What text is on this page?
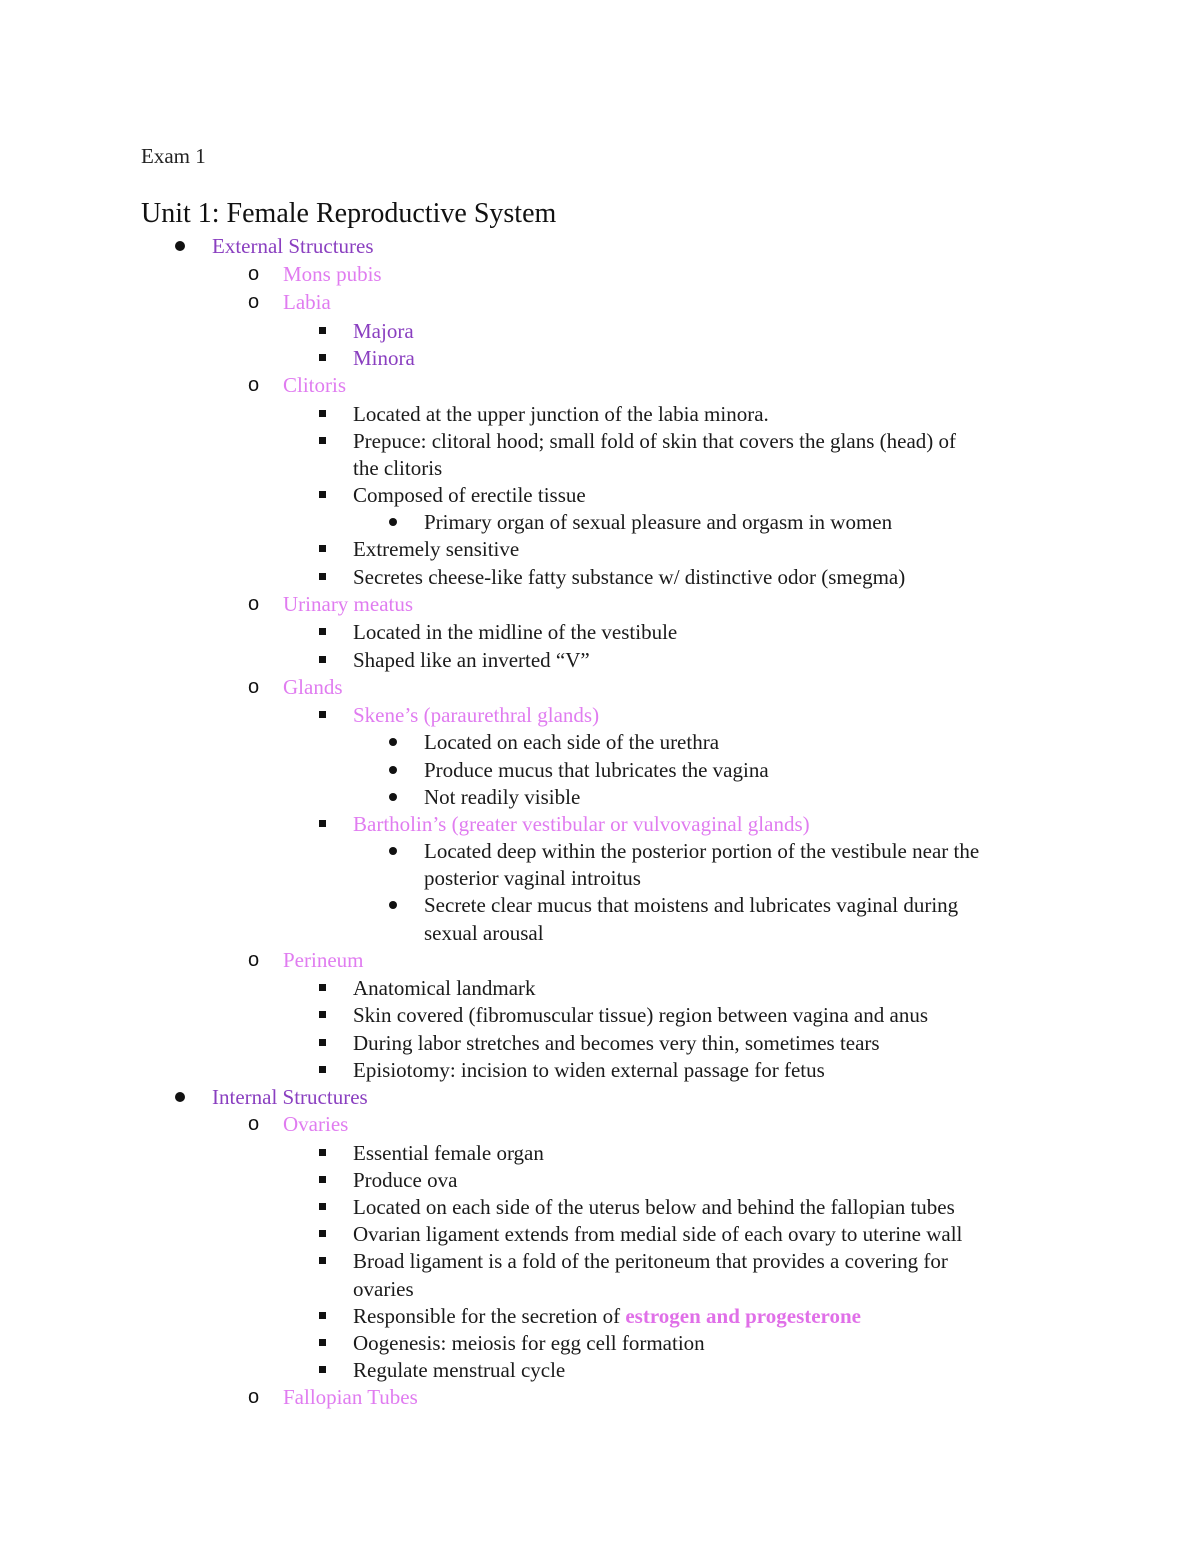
Exam 1
Unit 1: Female Reproductive System
External Structures
o Mons pubis
o Labia
Majora
Minora
o Clitoris
Located at the upper junction of the labia minora.
Prepuce: clitoral hood; small fold of skin that covers the glans (head) of
the clitoris
Composed of erectile tissue
Primary organ of sexual pleasure and orgasm in women
Extremely sensitive
Secretes cheese-like fatty substance w/ distinctive odor (smegma)
o Urinary meatus
Located in the midline of the vestibule
Shaped like an inverted “V”
o Glands
Skene’s (paraurethral glands)
Located on each side of the urethra
Produce mucus that lubricates the vagina
Not readily visible
Bartholin’s (greater vestibular or vulvovaginal glands)
Located deep within the posterior portion of the vestibule near the
posterior vaginal introitus
Secrete clear mucus that moistens and lubricates vaginal during
sexual arousal
o Perineum
Anatomical landmark
Skin covered (fibromuscular tissue) region between vagina and anus
During labor stretches and becomes very thin, sometimes tears
Episiotomy: incision to widen external passage for fetus
Internal Structures
o Ovaries
Essential female organ
Produce ova
Located on each side of the uterus below and behind the fallopian tubes
Ovarian ligament extends from medial side of each ovary to uterine wall
Broad ligament is a fold of the peritoneum that provides a covering for
ovaries
Responsible for the secretion of estrogen and progesterone
Oogenesis: meiosis for egg cell formation
Regulate menstrual cycle
o Fallopian Tubes
